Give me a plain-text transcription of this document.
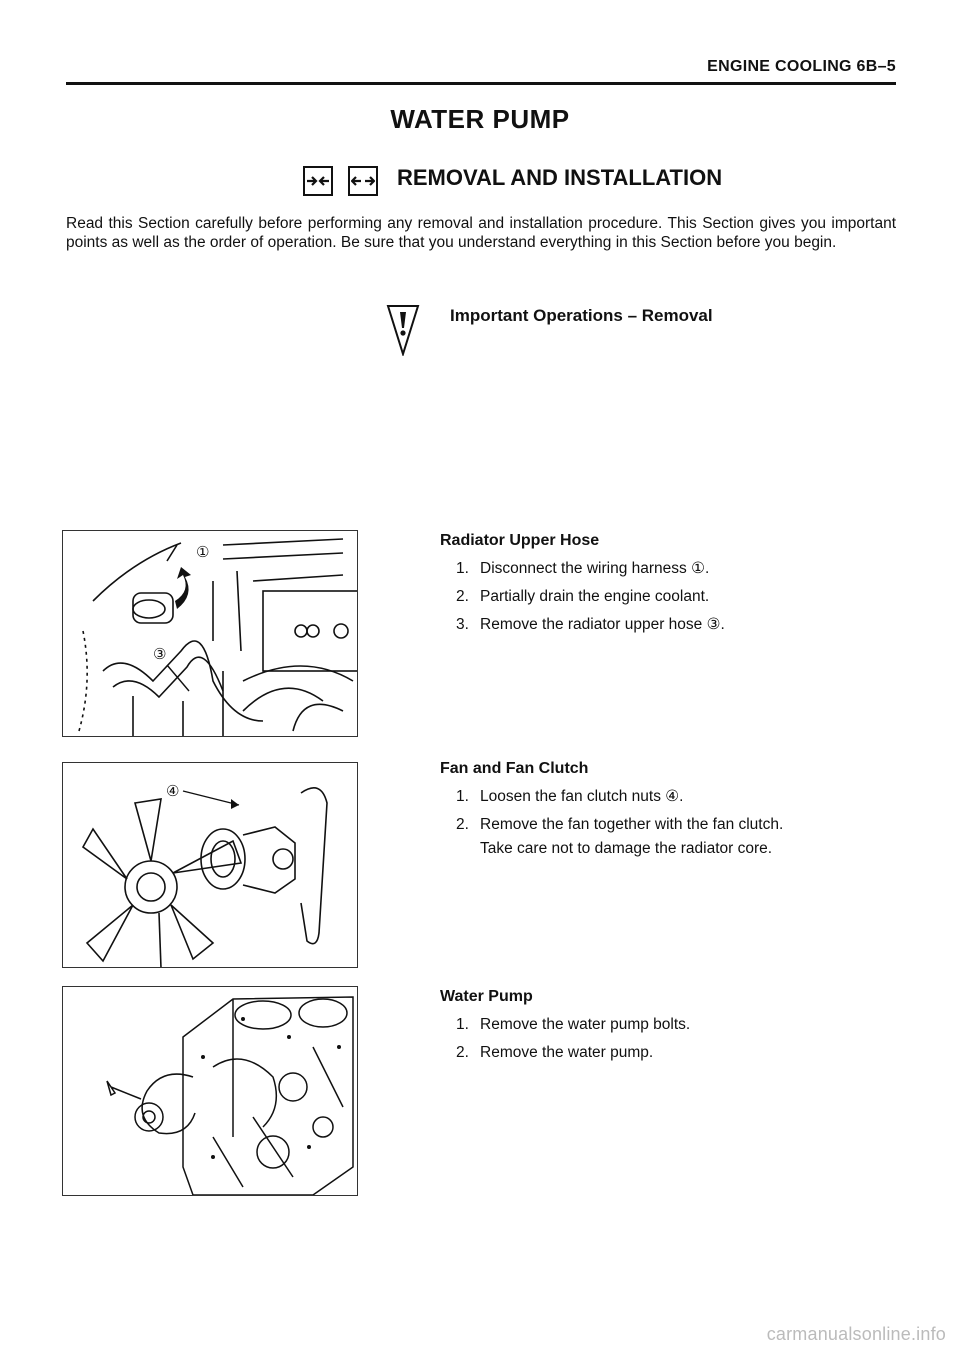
ENGINE COOLING 6B–5
WATER PUMP
REMOVAL AND INSTALLATION
Read this Section carefully before performing any removal and installation procedure. This Section gives you important points as well as the order of operation. Be sure that you understand everything in this Section before you begin.
Important Operations – Removal
①
③
④
Radiator Upper Hose
1. Disconnect the wiring harness ①.
2. Partially drain the engine coolant.
3. Remove the radiator upper hose ③.
Fan and Fan Clutch
1. Loosen the fan clutch nuts ④.
2. Remove the fan together with the fan clutch.
Take care not to damage the radiator core.
Water Pump
1. Remove the water pump bolts.
2. Remove the water pump.
carmanualsonline.info
